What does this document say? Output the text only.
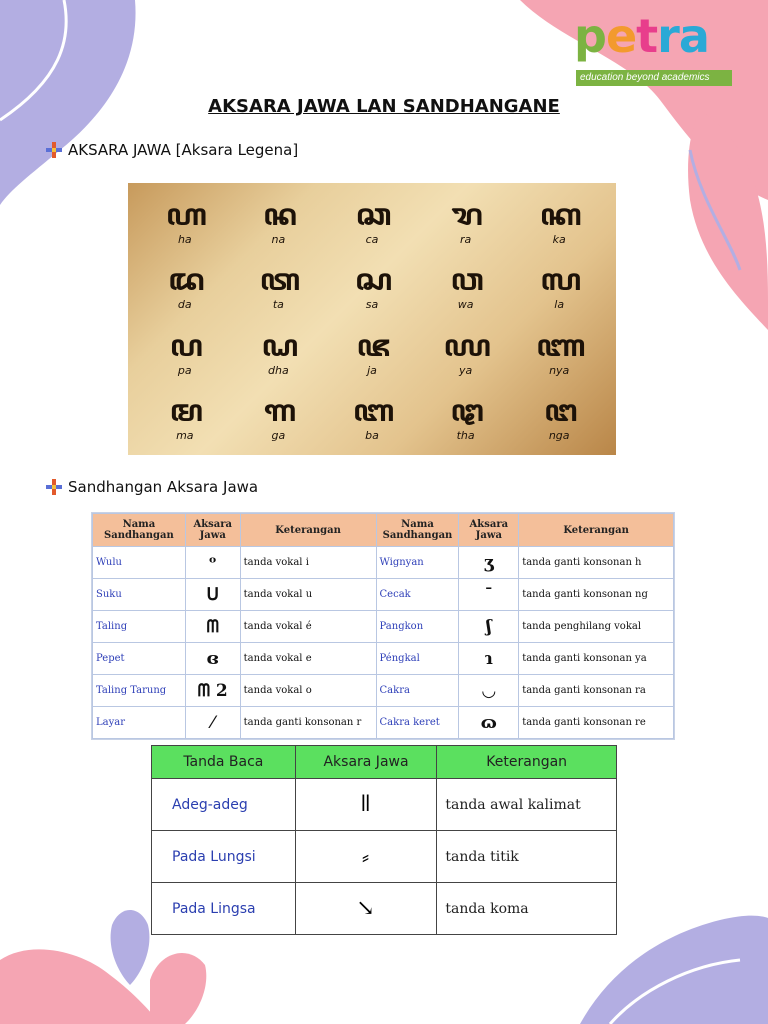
petra
education beyond academics
AKSARA JAWA LAN SANDHANGANE
AKSARA JAWA [Aksara Legena]
ꦲ
ha
ꦤ
na
ꦕ
ca
ꦫ
ra
ꦏ
ka
ꦢ
da
ꦠ
ta
ꦱ
sa
ꦮ
wa
ꦭ
la
ꦥ
pa
ꦝ
dha
ꦗ
ja
ꦪ
ya
ꦚ
nya
ꦩ
ma
ꦒ
ga
ꦧ
ba
ꦛ
tha
ꦔ
nga
Sandhangan Aksara Jawa
Nama Sandhangan	Aksara Jawa	Keterangan	Nama Sandhangan	Aksara Jawa	Keterangan
Wulu	ᵒ	tanda vokal i	Wignyan	ʒ	tanda ganti konsonan h
Suku	ᑌ	tanda vokal u	Cecak	ˉ	tanda ganti konsonan ng
Taling	ᗰ	tanda vokal é	Pangkon	ʃ	tanda penghilang vokal
Pepet	ɞ	tanda vokal e	Péngkal	ɿ	tanda ganti konsonan ya
Taling Tarung	ᗰ 2	tanda vokal o	Cakra	◡	tanda ganti konsonan ra
Layar	⁄	tanda ganti konsonan r	Cakra keret	ɷ	tanda ganti konsonan re
Tanda Baca	Aksara Jawa	Keterangan
Adeg-adeg	ǁ	tanda awal kalimat
Pada Lungsi	⸗	tanda titik
Pada Lingsa	↘	tanda koma
